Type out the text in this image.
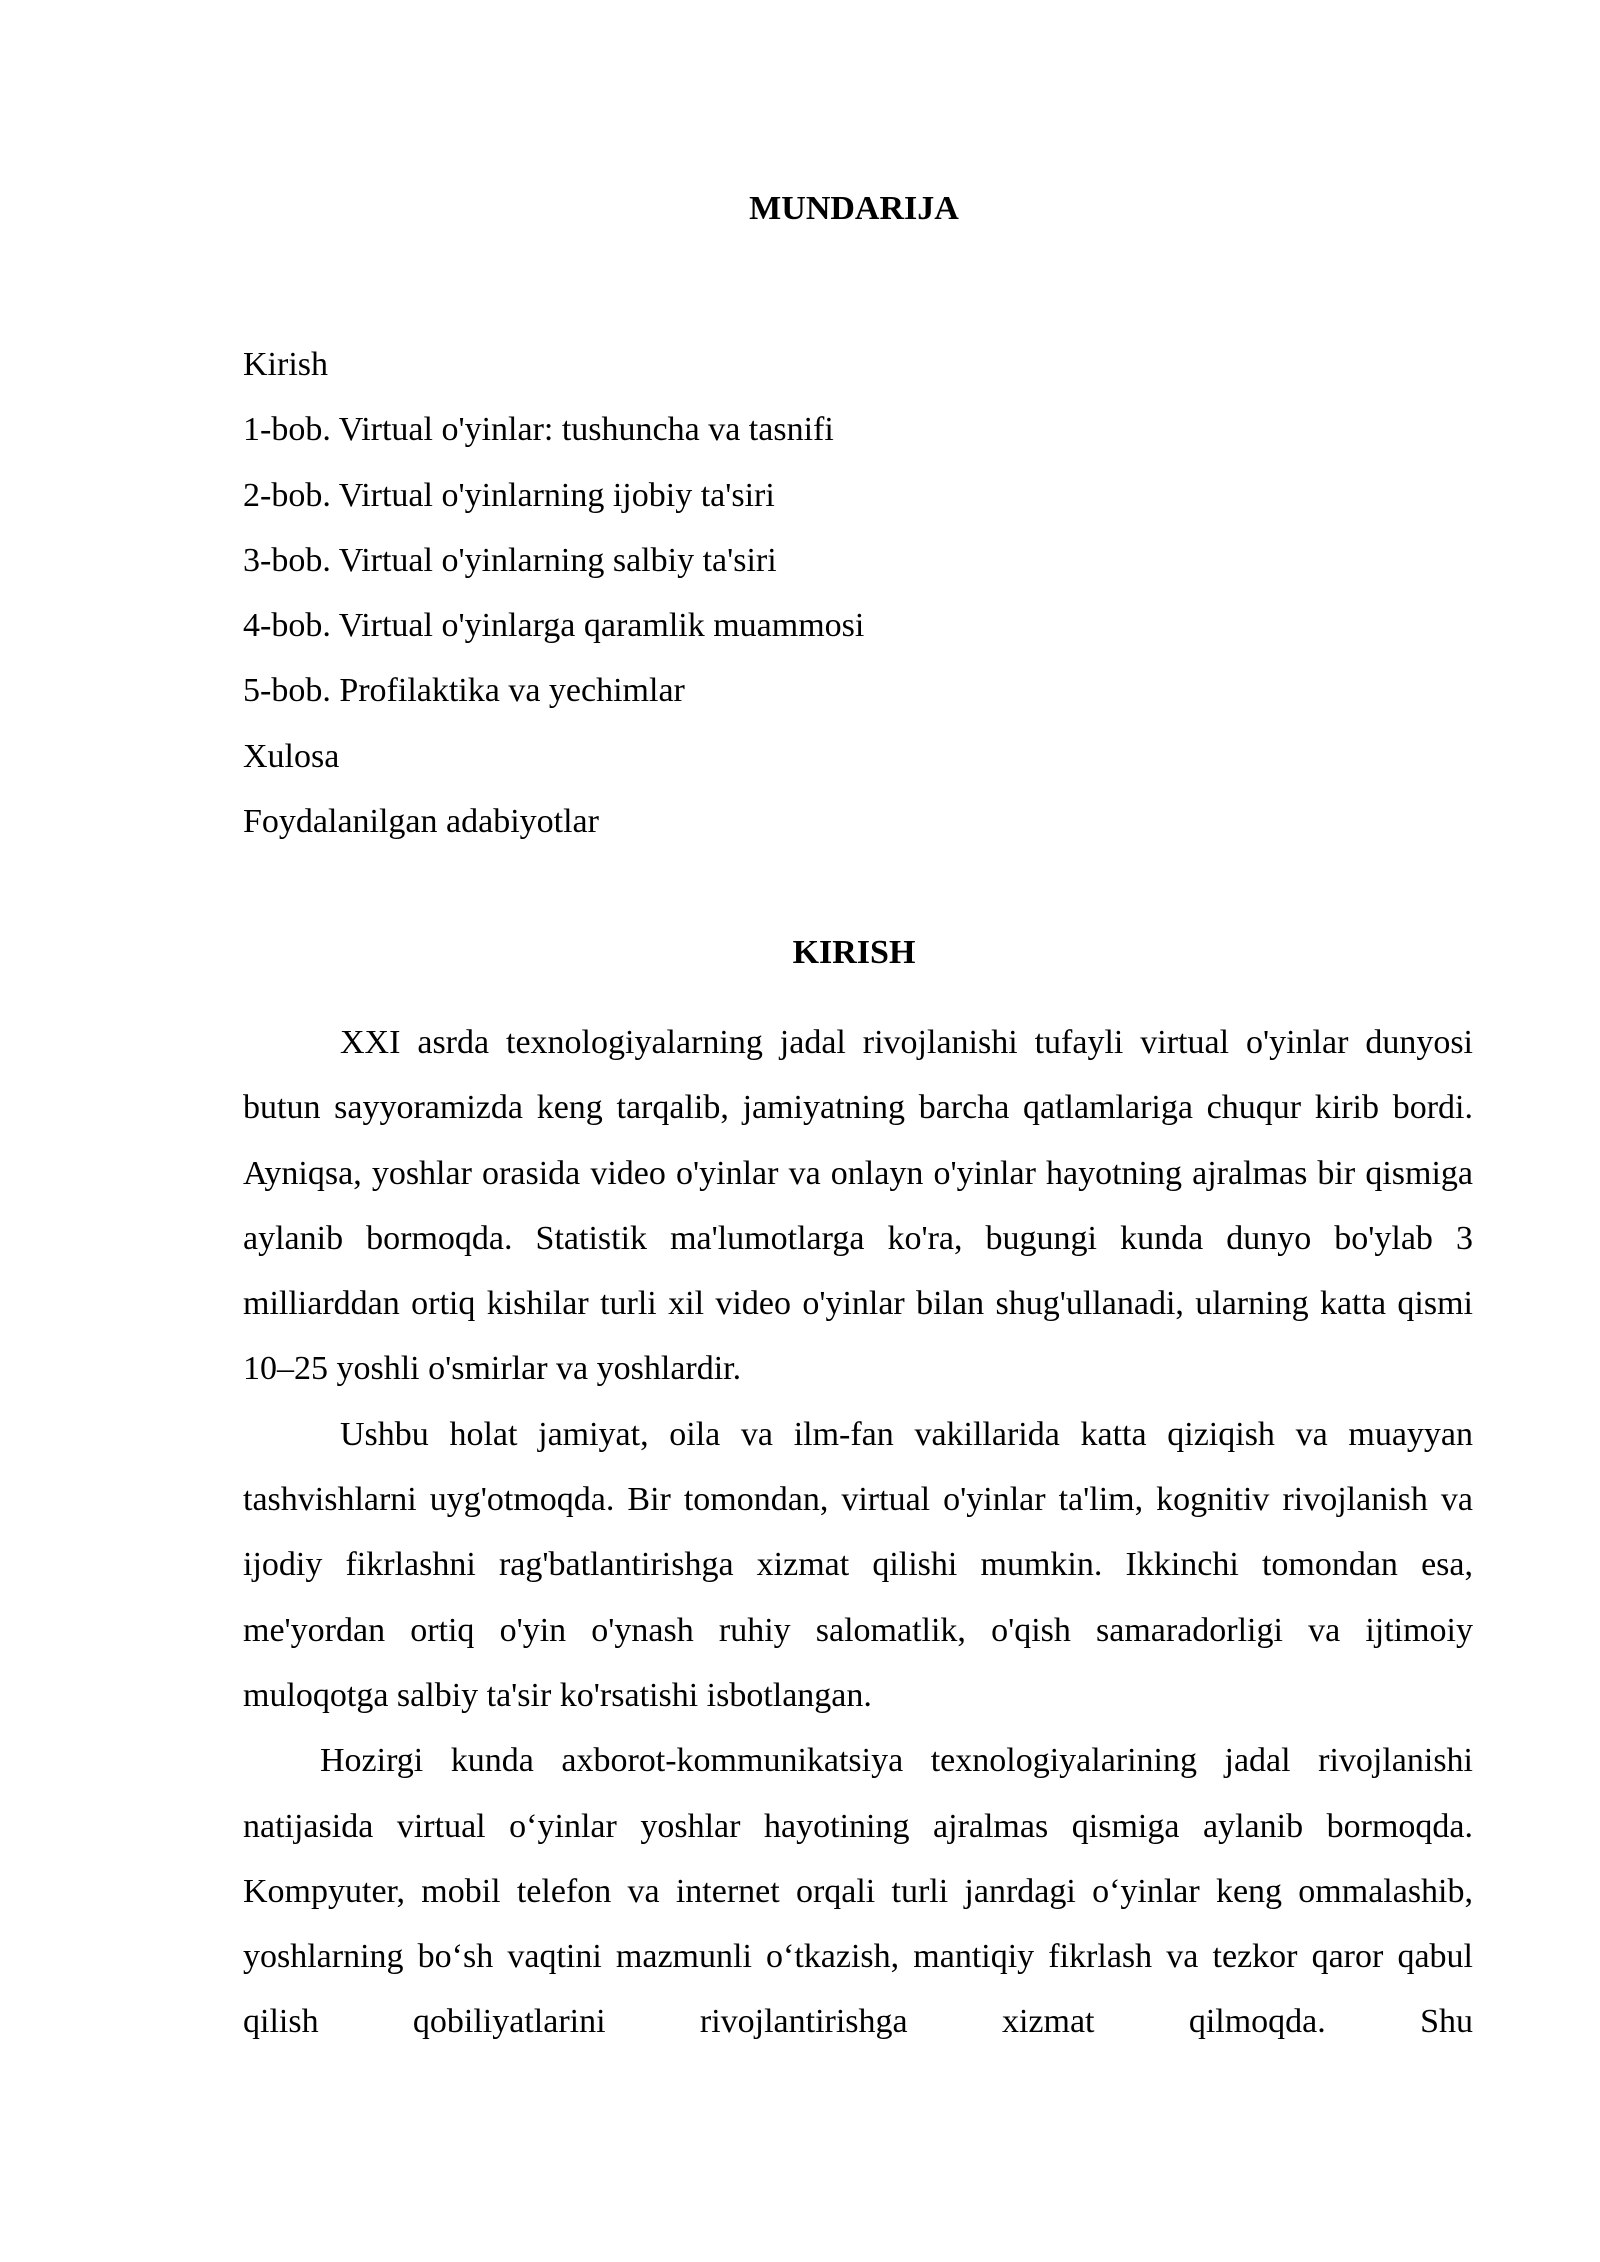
MUNDARIJA
Kirish
1-bob. Virtual o'yinlar: tushuncha va tasnifi
2-bob. Virtual o'yinlarning ijobiy ta'siri
3-bob. Virtual o'yinlarning salbiy ta'siri
4-bob. Virtual o'yinlarga qaramlik muammosi
5-bob. Profilaktika va yechimlar
Xulosa
Foydalanilgan adabiyotlar
KIRISH

XXI asrda texnologiyalarning jadal rivojlanishi tufayli virtual o'yinlar dunyosi butun sayyoramizda keng tarqalib, jamiyatning barcha qatlamlariga chuqur kirib bordi. Ayniqsa, yoshlar orasida video o'yinlar va onlayn o'yinlar hayotning ajralmas bir qismiga aylanib bormoqda. Statistik ma'lumotlarga ko'ra, bugungi kunda dunyo bo'ylab 3 milliarddan ortiq kishilar turli xil video o'yinlar bilan shug'ullanadi, ularning katta qismi 10–25 yoshli o'smirlar va yoshlardir.

Ushbu holat jamiyat, oila va ilm-fan vakillarida katta qiziqish va muayyan tashvishlarni uyg'otmoqda. Bir tomondan, virtual o'yinlar ta'lim, kognitiv rivojlanish va ijodiy fikrlashni rag'batlantirishga xizmat qilishi mumkin. Ikkinchi tomondan esa, me'yordan ortiq o'yin o'ynash ruhiy salomatlik, o'qish samaradorligi va ijtimoiy muloqotga salbiy ta'sir ko'rsatishi isbotlangan.

Hozirgi kunda axborot-kommunikatsiya texnologiyalarining jadal rivojlanishi natijasida virtual o‘yinlar yoshlar hayotining ajralmas qismiga aylanib bormoqda. Kompyuter, mobil telefon va internet orqali turli janrdagi o‘yinlar keng ommalashib, yoshlarning bo‘sh vaqtini mazmunli o‘tkazish, mantiqiy fikrlash va tezkor qaror qabul qilish qobiliyatlarini rivojlantirishga xizmat qilmoqda. Shu
